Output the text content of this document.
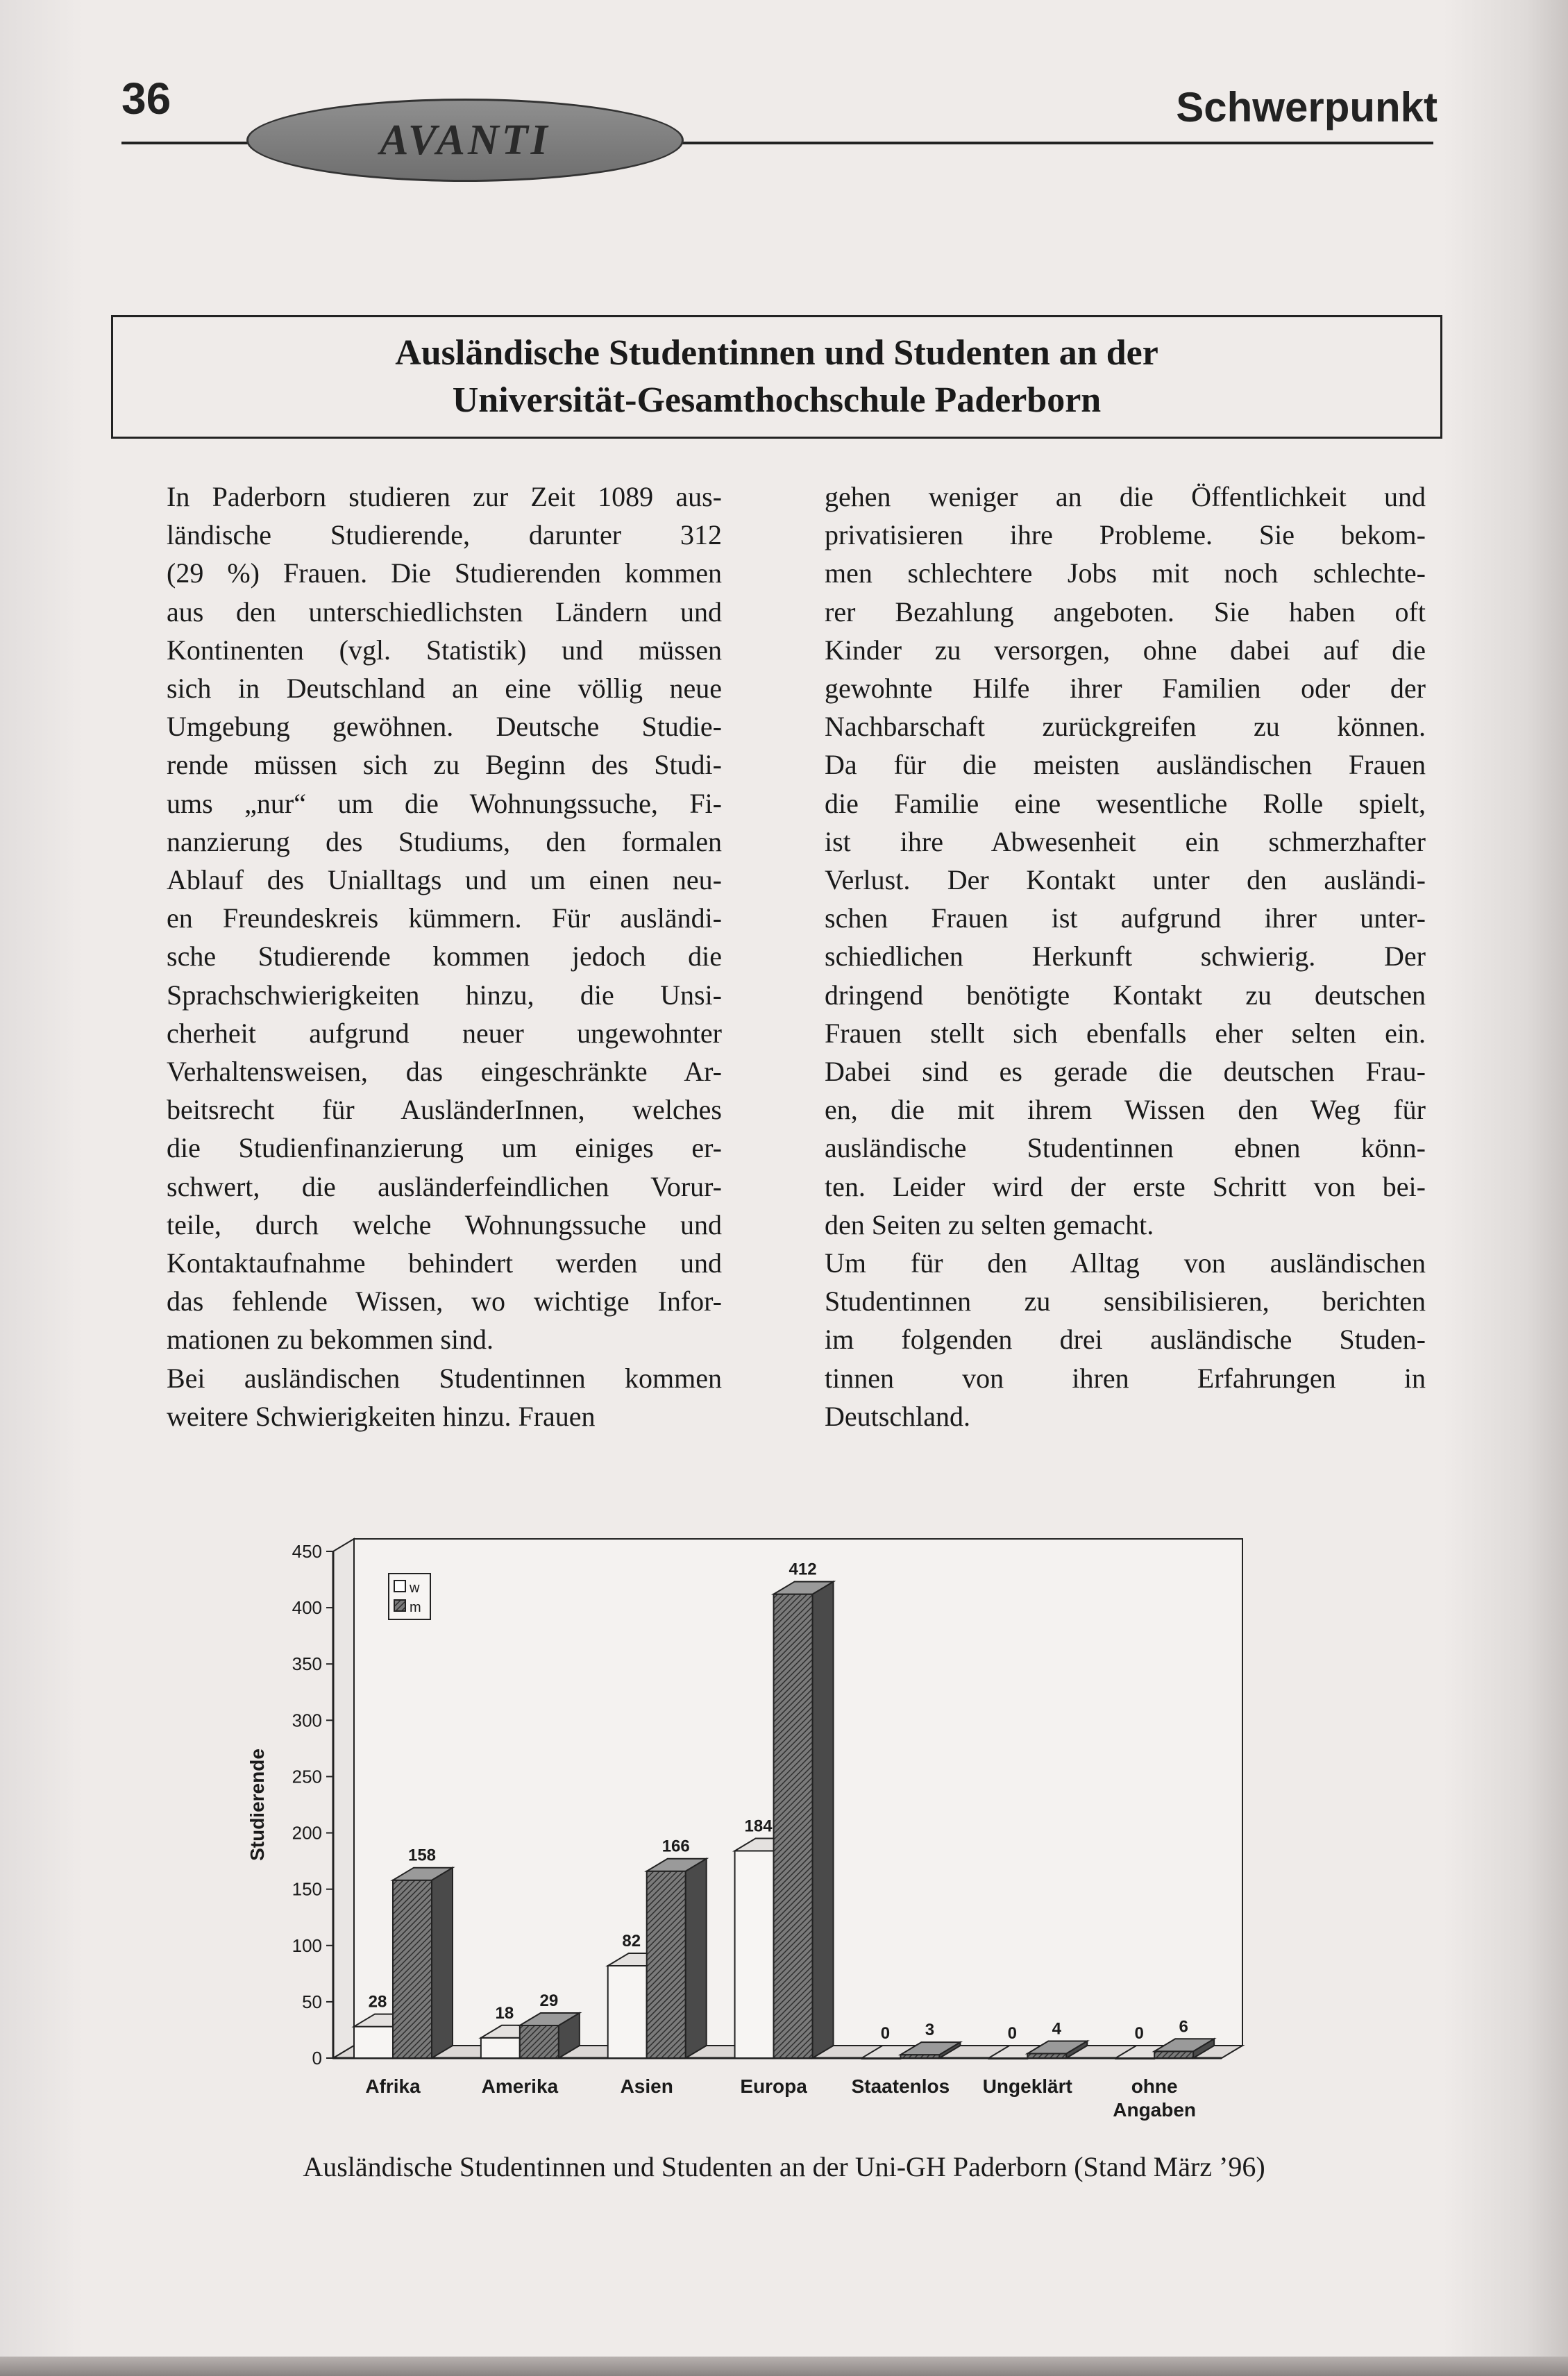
36
AVANTI
Schwerpunkt
Ausländische Studentinnen und Studenten an der
Universität-Gesamthochschule Paderborn
In Paderborn studieren zur Zeit 1089 aus-
ländische Studierende, darunter 312
(29 %) Frauen. Die Studierenden kommen
aus den unterschiedlichsten Ländern und
Kontinenten (vgl. Statistik) und müssen
sich in Deutschland an eine völlig neue
Umgebung gewöhnen. Deutsche Studie-
rende müssen sich zu Beginn des Studi-
ums „nur“ um die Wohnungssuche, Fi-
nanzierung des Studiums, den formalen
Ablauf des Unialltags und um einen neu-
en Freundeskreis kümmern. Für ausländi-
sche Studierende kommen jedoch die
Sprachschwierigkeiten hinzu, die Unsi-
cherheit aufgrund neuer ungewohnter
Verhaltensweisen, das eingeschränkte Ar-
beitsrecht für AusländerInnen, welches
die Studienfinanzierung um einiges er-
schwert, die ausländerfeindlichen Vorur-
teile, durch welche Wohnungssuche und
Kontaktaufnahme behindert werden und
das fehlende Wissen, wo wichtige Infor-
mationen zu bekommen sind.
Bei ausländischen Studentinnen kommen
weitere Schwierigkeiten hinzu. Frauen
gehen weniger an die Öffentlichkeit und
privatisieren ihre Probleme. Sie bekom-
men schlechtere Jobs mit noch schlechte-
rer Bezahlung angeboten. Sie haben oft
Kinder zu versorgen, ohne dabei auf die
gewohnte Hilfe ihrer Familien oder der
Nachbarschaft zurückgreifen zu können.
Da für die meisten ausländischen Frauen
die Familie eine wesentliche Rolle spielt,
ist ihre Abwesenheit ein schmerzhafter
Verlust. Der Kontakt unter den ausländi-
schen Frauen ist aufgrund ihrer unter-
schiedlichen Herkunft schwierig. Der
dringend benötigte Kontakt zu deutschen
Frauen stellt sich ebenfalls eher selten ein.
Dabei sind es gerade die deutschen Frau-
en, die mit ihrem Wissen den Weg für
ausländische Studentinnen ebnen könn-
ten. Leider wird der erste Schritt von bei-
den Seiten zu selten gemacht.
Um für den Alltag von ausländischen
Studentinnen zu sensibilisieren, berichten
im folgenden drei ausländische Studen-
tinnen von ihren Erfahrungen in
Deutschland.
0
50
100
150
200
250
300
350
400
450
Studierende
28
158
Afrika
18
29
Amerika
82
166
Asien
184
412
Europa
0 3
Staatenlos
0 4
Ungeklärt
0 6
ohne
Angaben
w
m
Ausländische Studentinnen und Studenten an der Uni-GH Paderborn (Stand März ’96)
